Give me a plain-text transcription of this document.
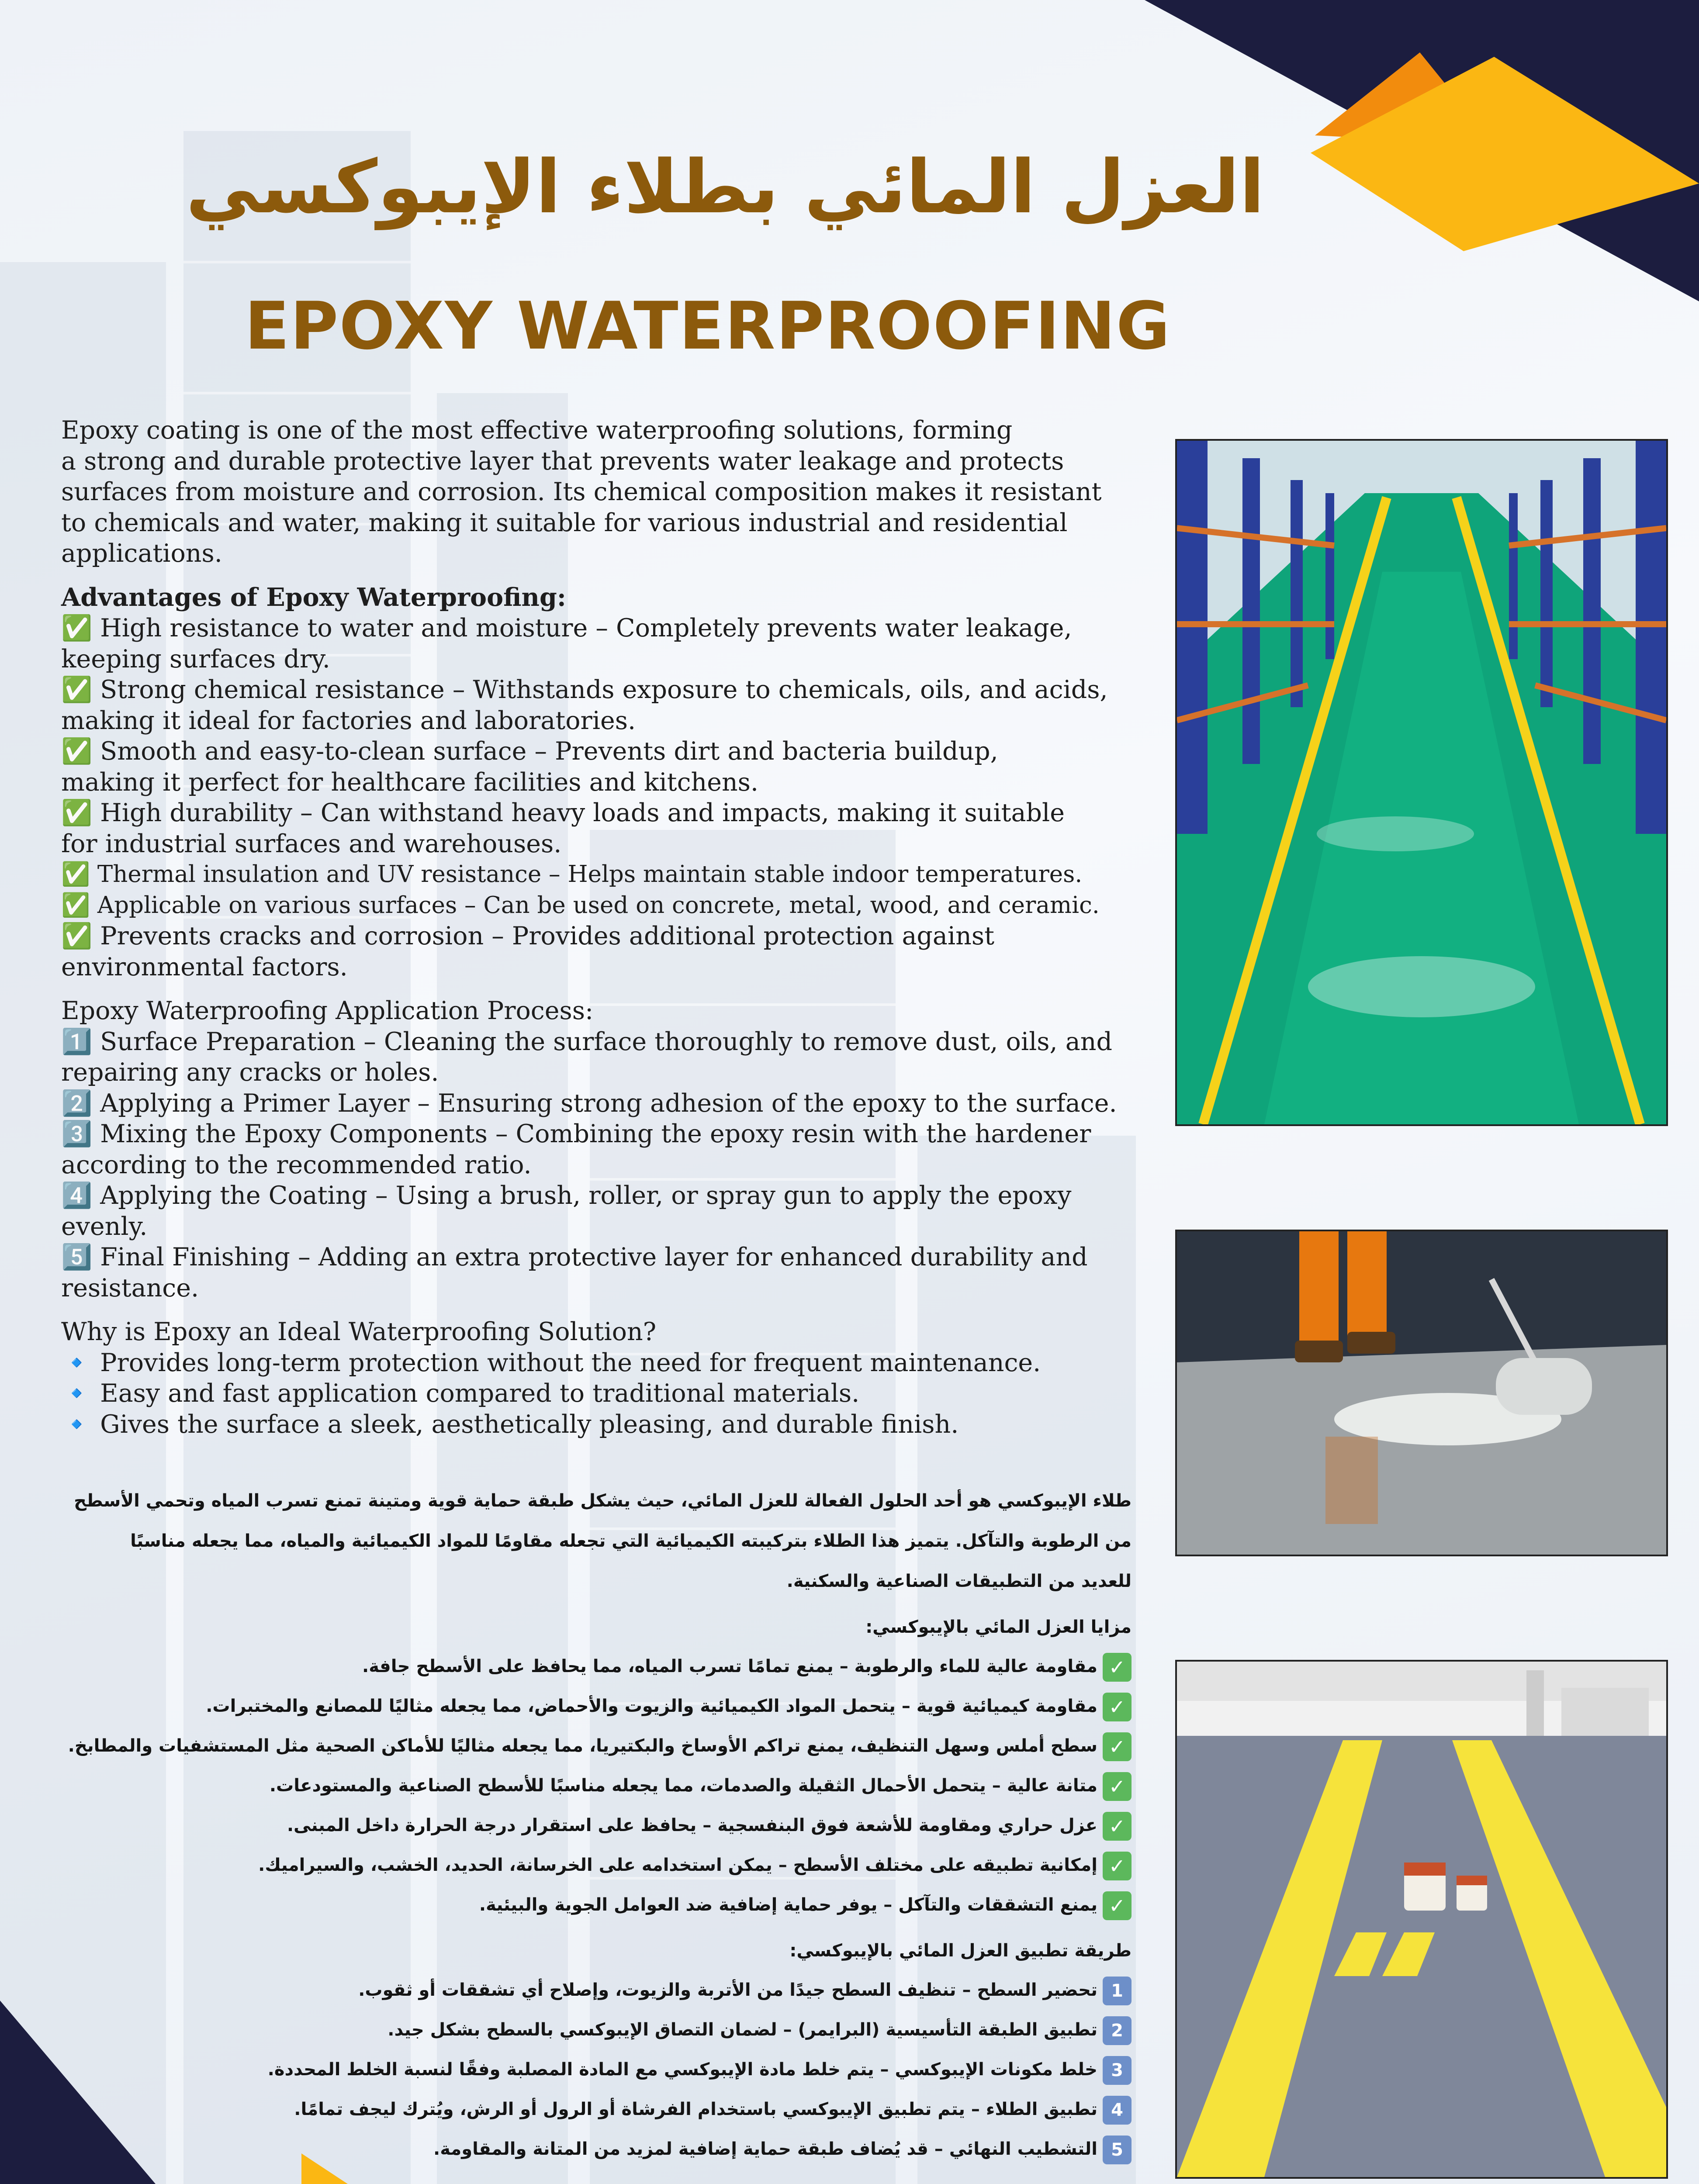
العزل المائي بطلاء الإيبوكسي
EPOXY WATERPROOFING

Epoxy coating is one of the most effective waterproofing solutions, forming

a strong and durable protective layer that prevents water leakage and protects

surfaces from moisture and corrosion. Its chemical composition makes it resistant

to chemicals and water, making it suitable for various industrial and residential

applications.

Advantages of Epoxy Waterproofing:

✅ High resistance to water and moisture – Completely prevents water leakage,

keeping surfaces dry.

✅ Strong chemical resistance – Withstands exposure to chemicals, oils, and acids,

making it ideal for factories and laboratories.

✅ Smooth and easy-to-clean surface – Prevents dirt and bacteria buildup,

making it perfect for healthcare facilities and kitchens.

✅ High durability – Can withstand heavy loads and impacts, making it suitable

for industrial surfaces and warehouses.

✅ Thermal insulation and UV resistance – Helps maintain stable indoor temperatures.

✅ Applicable on various surfaces – Can be used on concrete, metal, wood, and ceramic.

✅ Prevents cracks and corrosion – Provides additional protection against

environmental factors.

Epoxy Waterproofing Application Process:

1️⃣ Surface Preparation – Cleaning the surface thoroughly to remove dust, oils, and

repairing any cracks or holes.

2️⃣ Applying a Primer Layer – Ensuring strong adhesion of the epoxy to the surface.

3️⃣ Mixing the Epoxy Components – Combining the epoxy resin with the hardener

according to the recommended ratio.

4️⃣ Applying the Coating – Using a brush, roller, or spray gun to apply the epoxy

evenly.

5️⃣ Final Finishing – Adding an extra protective layer for enhanced durability and

resistance.

Why is Epoxy an Ideal Waterproofing Solution?

🔹 Provides long-term protection without the need for frequent maintenance.

🔹 Easy and fast application compared to traditional materials.

🔹 Gives the surface a sleek, aesthetically pleasing, and durable finish.

طلاء الإيبوكسي هو أحد الحلول الفعالة للعزل المائي، حيث يشكل طبقة حماية قوية ومتينة تمنع تسرب المياه وتحمي الأسطح
من الرطوبة والتآكل. يتميز هذا الطلاء بتركيبته الكيميائية التي تجعله مقاومًا للمواد الكيميائية والمياه، مما يجعله مناسبًا
للعديد من التطبيقات الصناعية والسكنية.
مزايا العزل المائي بالإيبوكسي:
✓مقاومة عالية للماء والرطوبة – يمنع تمامًا تسرب المياه، مما يحافظ على الأسطح جافة.
✓مقاومة كيميائية قوية – يتحمل المواد الكيميائية والزيوت والأحماض، مما يجعله مثاليًا للمصانع والمختبرات.
✓سطح أملس وسهل التنظيف، يمنع تراكم الأوساخ والبكتيريا، مما يجعله مثاليًا للأماكن الصحية مثل المستشفيات والمطابخ.
✓متانة عالية – يتحمل الأحمال الثقيلة والصدمات، مما يجعله مناسبًا للأسطح الصناعية والمستودعات.
✓عزل حراري ومقاومة للأشعة فوق البنفسجية – يحافظ على استقرار درجة الحرارة داخل المبنى.
✓إمكانية تطبيقه على مختلف الأسطح – يمكن استخدامه على الخرسانة، الحديد، الخشب، والسيراميك.
✓يمنع التشققات والتآكل – يوفر حماية إضافية ضد العوامل الجوية والبيئية.
طريقة تطبيق العزل المائي بالإيبوكسي:
1تحضير السطح – تنظيف السطح جيدًا من الأتربة والزيوت، وإصلاح أي تشققات أو ثقوب.
2تطبيق الطبقة التأسيسية (البرايمر) – لضمان التصاق الإيبوكسي بالسطح بشكل جيد.
3خلط مكونات الإيبوكسي – يتم خلط مادة الإيبوكسي مع المادة المصلبة وفقًا لنسبة الخلط المحددة.
4تطبيق الطلاء – يتم تطبيق الإيبوكسي باستخدام الفرشاة أو الرول أو الرش، ويُترك ليجف تمامًا.
5التشطيب النهائي – قد يُضاف طبقة حماية إضافية لمزيد من المتانة والمقاومة.
